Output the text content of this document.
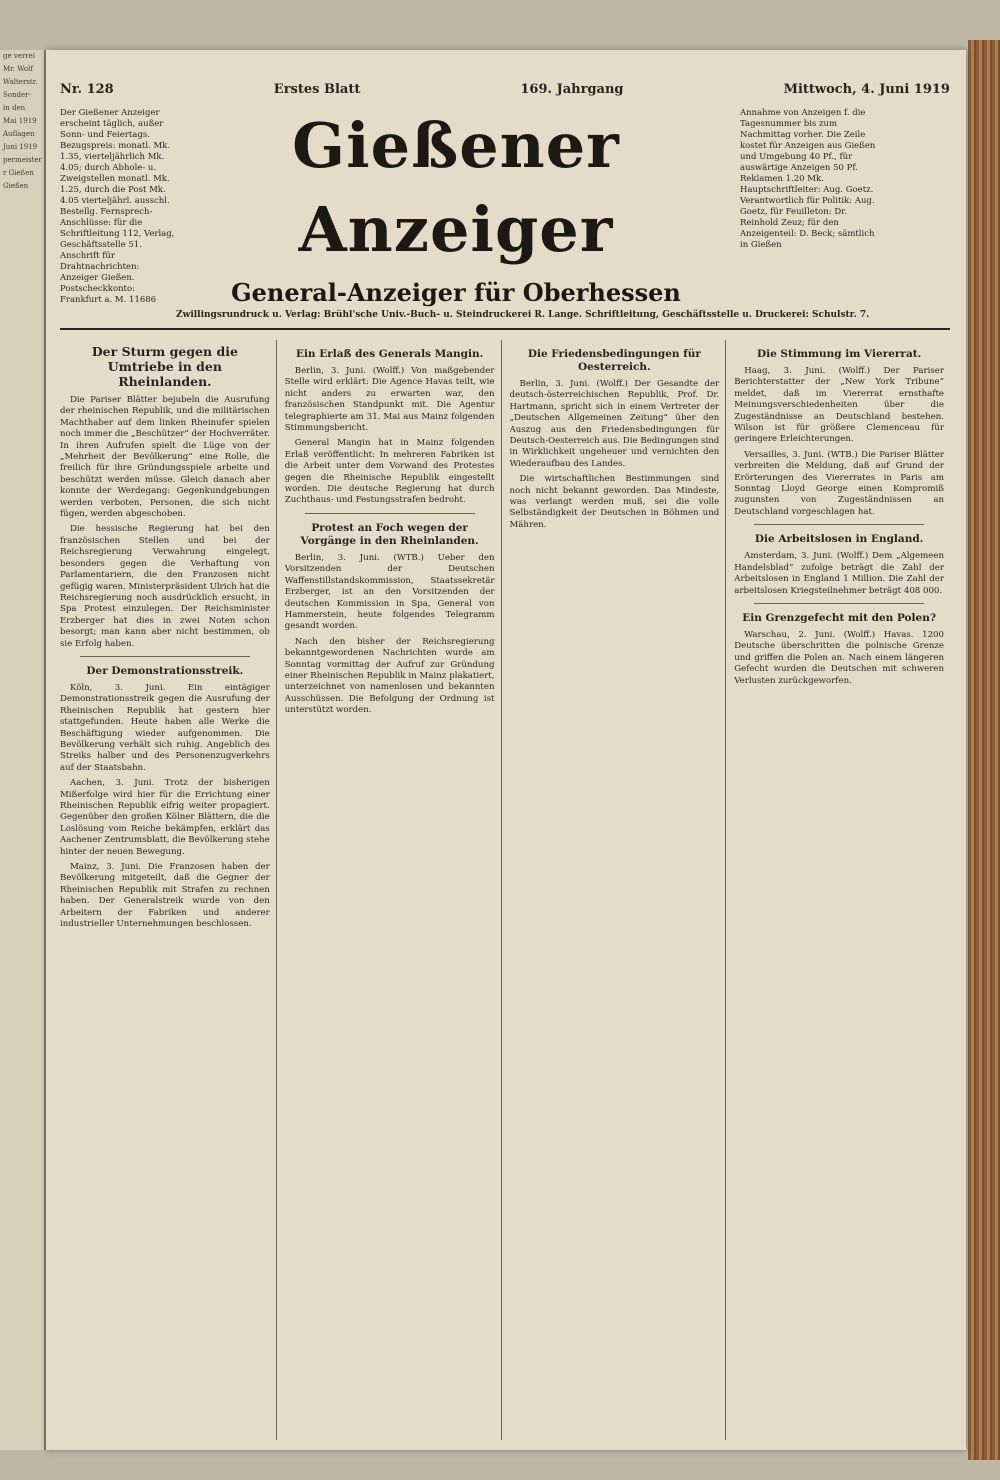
ge verrei
Mr. Wolf
Walterstr.
Sonder-
in den
Mai 1919
Auflagen
Juni 1919
permeister
r Gießen
Gießen
Nr. 128	Erstes Blatt	169. Jahrgang	Mittwoch, 4. Juni 1919
Der Gießener Anzeiger erscheint täglich, außer Sonn- und Feiertags. Bezugspreis: monatl. Mk. 1.35, vierteljährlich Mk. 4.05; durch Abhole- u. Zweigstellen monatl. Mk. 1.25, durch die Post Mk. 4.05 vierteljährl. ausschl. Bestellg. Fernsprech-Anschlüsse: für die Schriftleitung 112, Verlag, Geschäftsstelle 51. Anschrift für Drahtnachrichten: Anzeiger Gießen. Postscheckkonto: Frankfurt a. M. 11686
Gießener Anzeiger
General-Anzeiger für Oberhessen
Annahme von Anzeigen f. die Tagesnummer bis zum Nachmittag vorher. Die Zeile kostet für Anzeigen aus Gießen und Umgebung 40 Pf., für auswärtige Anzeigen 50 Pf. Reklamen 1.20 Mk. Hauptschriftleiter: Aug. Goetz. Verantwortlich für Politik: Aug. Goetz, für Feuilleton: Dr. Reinhold Zeuz; für den Anzeigenteil: D. Beck; sämtlich in Gießen
Zwillingsrundruck u. Verlag: Brühl'sche Univ.-Buch- u. Steindruckerei R. Lange. Schriftleitung, Geschäftsstelle u. Druckerei: Schulstr. 7.
Der Sturm gegen die Umtriebe in den Rheinlanden.

Die Pariser Blätter bejubeln die Ausrufung der rheinischen Republik, und die militärischen Machthaber auf dem linken Rheinufer spielen noch immer die „Beschützer“ der Hochverräter. In ihren Aufrufen spielt die Lüge von der „Mehrheit der Bevölkerung“ eine Rolle, die freilich für ihre Gründungsspiele arbeite und beschützt werden müsse. Gleich danach aber konnte der Werdegang: Gegenkundgebungen werden verboten, Personen, die sich nicht fügen, werden abgeschoben.

Die hessische Regierung hat bei den französischen Stellen und bei der Reichsregierung Verwahrung eingelegt, besonders gegen die Verhaftung von Parlamentariern, die den Franzosen nicht gefügig waren. Ministerpräsident Ulrich hat die Reichsregierung noch ausdrücklich ersucht, in Spa Protest einzulegen. Der Reichsminister Erzberger hat dies in zwei Noten schon besorgt; man kann aber nicht bestimmen, ob sie Erfolg haben.

Der Demonstrationsstreik.

Köln, 3. Juni. Ein eintägiger Demonstrationsstreik gegen die Ausrufung der Rheinischen Republik hat gestern hier stattgefunden. Heute haben alle Werke die Beschäftigung wieder aufgenommen. Die Bevölkerung verhält sich ruhig. Angeblich des Streiks halber und des Personenzugverkehrs auf der Staatsbahn.

Aachen, 3. Juni. Trotz der bisherigen Mißerfolge wird hier für die Errichtung einer Rheinischen Republik eifrig weiter propagiert. Gegenüber den großen Kölner Blättern, die die Loslösung vom Reiche bekämpfen, erklärt das Aachener Zentrumsblatt, die Bevölkerung stehe hinter der neuen Bewegung.

Mainz, 3. Juni. Die Franzosen haben der Bevölkerung mitgeteilt, daß die Gegner der Rheinischen Republik mit Strafen zu rechnen haben. Der Generalstreik wurde von den Arbeitern der Fabriken und anderer industrieller Unternehmungen beschlossen.

Ein Erlaß des Generals Mangin.

Berlin, 3. Juni. (Wolff.) Von maßgebender Stelle wird erklärt: Die Agence Havas teilt, wie nicht anders zu erwarten war, den französischen Standpunkt mit. Die Agentur telegraphierte am 31. Mai aus Mainz folgenden Stimmungsbericht.

General Mangin hat in Mainz folgenden Erlaß veröffentlicht: In mehreren Fabriken ist die Arbeit unter dem Vorwand des Protestes gegen die Rheinische Republik eingestellt worden. Die deutsche Regierung hat durch Zuchthaus- und Festungsstrafen bedroht.

Protest an Foch wegen der Vorgänge in den Rheinlanden.

Berlin, 3. Juni. (WTB.) Ueber den Vorsitzenden der Deutschen Waffenstillstandskommission, Staatssekretär Erzberger, ist an den Vorsitzenden der deutschen Kommission in Spa, General von Hammerstein, heute folgendes Telegramm gesandt worden.

Nach den bisher der Reichsregierung bekanntgewordenen Nachrichten wurde am Sonntag vormittag der Aufruf zur Gründung einer Rheinischen Republik in Mainz plakatiert, unterzeichnet von namenlosen und bekannten Ausschüssen. Die Befolgung der Ordnung ist unterstützt worden.

Die Friedensbedingungen für Oesterreich.

Berlin, 3. Juni. (Wolff.) Der Gesandte der deutsch-österreichischen Republik, Prof. Dr. Hartmann, spricht sich in einem Vertreter der „Deutschen Allgemeinen Zeitung“ über den Auszug aus den Friedensbedingungen für Deutsch-Oesterreich aus. Die Bedingungen sind in Wirklichkeit ungeheuer und vernichten den Wiederaufbau des Landes.

Die wirtschaftlichen Bestimmungen sind noch nicht bekannt geworden. Das Mindeste, was verlangt werden muß, sei die volle Selbständigkeit der Deutschen in Böhmen und Mähren.

Die Stimmung im Viererrat.

Haag, 3. Juni. (Wolff.) Der Pariser Berichterstatter der „New York Tribune“ meldet, daß im Viererrat ernsthafte Meinungsverschiedenheiten über die Zugeständnisse an Deutschland bestehen. Wilson ist für größere Clemenceau für geringere Erleichterungen.

Versailles, 3. Juni. (WTB.) Die Pariser Blätter verbreiten die Meldung, daß auf Grund der Erörterungen des Viererrates in Paris am Sonntag Lloyd George einen Kompromiß zugunsten von Zugeständnissen an Deutschland vorgeschlagen hat.

Die Arbeitslosen in England.

Amsterdam, 3. Juni. (Wolff.) Dem „Algemeen Handelsblad“ zufolge beträgt die Zahl der Arbeitslosen in England 1 Million. Die Zahl der arbeitslosen Kriegsteilnehmer beträgt 408 000.

Ein Grenzgefecht mit den Polen?

Warschau, 2. Juni. (Wolff.) Havas. 1200 Deutsche überschritten die polnische Grenze und griffen die Polen an. Nach einem längeren Gefecht wurden die Deutschen mit schweren Verlusten zurückgeworfen.
